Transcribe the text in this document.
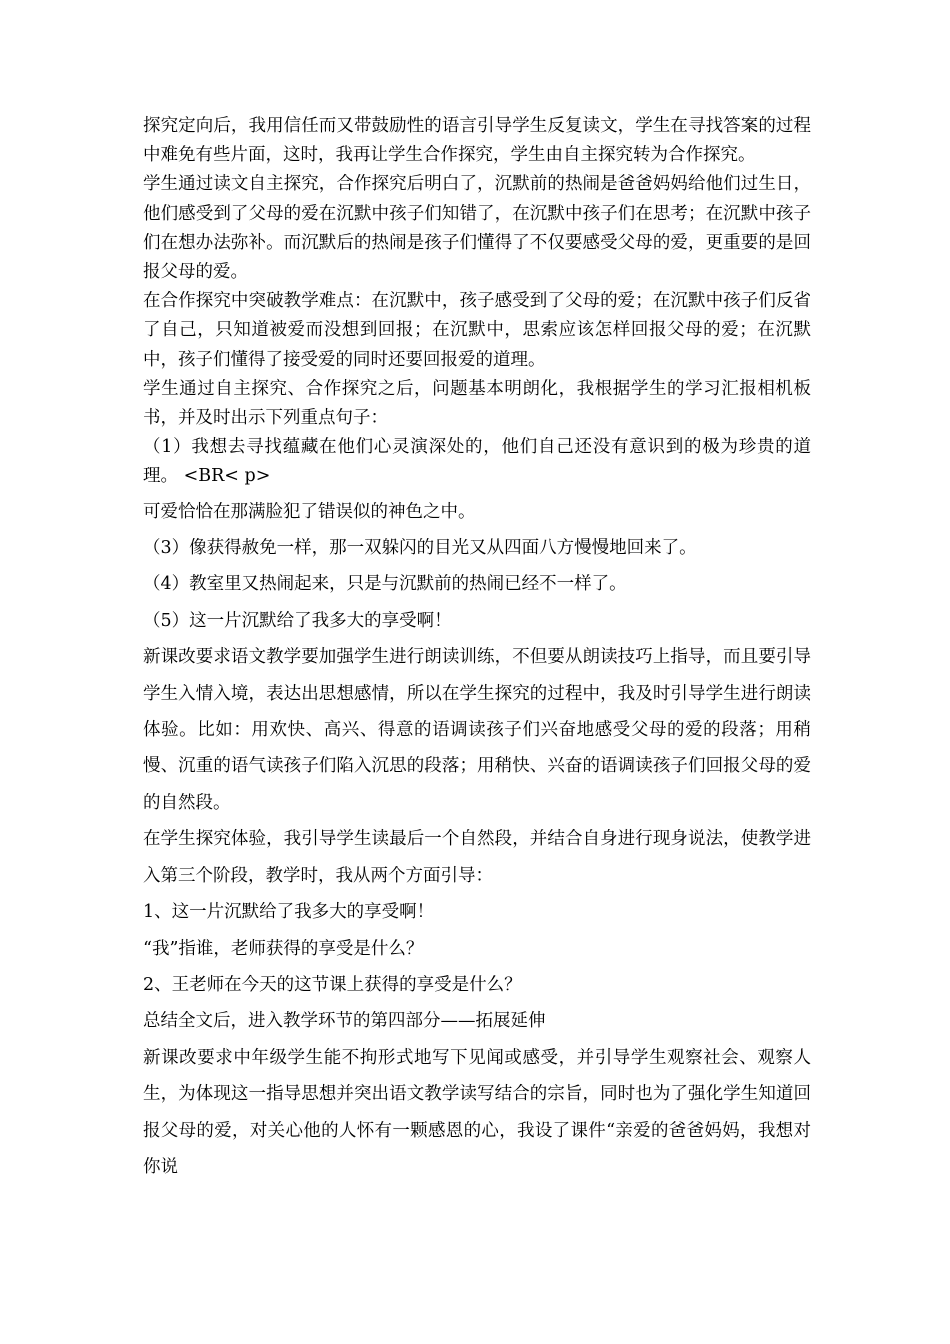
探究定向后，我用信任而又带鼓励性的语言引导学生反复读文，学生在寻找答案的过程中难免有些片面，这时，我再让学生合作探究，学生由自主探究转为合作探究。

学生通过读文自主探究，合作探究后明白了，沉默前的热闹是爸爸妈妈给他们过生日，他们感受到了父母的爱在沉默中孩子们知错了，在沉默中孩子们在思考；在沉默中孩子们在想办法弥补。而沉默后的热闹是孩子们懂得了不仅要感受父母的爱，更重要的是回报父母的爱。

在合作探究中突破教学难点：在沉默中，孩子感受到了父母的爱；在沉默中孩子们反省了自己，只知道被爱而没想到回报；在沉默中，思索应该怎样回报父母的爱；在沉默中，孩子们懂得了接受爱的同时还要回报爱的道理。

学生通过自主探究、合作探究之后，问题基本明朗化，我根据学生的学习汇报相机板书，并及时出示下列重点句子：

（1）我想去寻找蕴藏在他们心灵演深处的，他们自己还没有意识到的极为珍贵的道理。 <BR< p>

可爱恰恰在那满脸犯了错误似的神色之中。

（3）像获得赦免一样，那一双躲闪的目光又从四面八方慢慢地回来了。

（4）教室里又热闹起来，只是与沉默前的热闹已经不一样了。

（5）这一片沉默给了我多大的享受啊！

新课改要求语文教学要加强学生进行朗读训练，不但要从朗读技巧上指导，而且要引导学生入情入境，表达出思想感情，所以在学生探究的过程中，我及时引导学生进行朗读体验。比如：用欢快、高兴、得意的语调读孩子们兴奋地感受父母的爱的段落；用稍慢、沉重的语气读孩子们陷入沉思的段落；用稍快、兴奋的语调读孩子们回报父母的爱的自然段。

在学生探究体验，我引导学生读最后一个自然段，并结合自身进行现身说法，使教学进入第三个阶段，教学时，我从两个方面引导：

1、这一片沉默给了我多大的享受啊！

“我”指谁，老师获得的享受是什么？

2、王老师在今天的这节课上获得的享受是什么？

总结全文后，进入教学环节的第四部分——拓展延伸

新课改要求中年级学生能不拘形式地写下见闻或感受，并引导学生观察社会、观察人生，为体现这一指导思想并突出语文教学读写结合的宗旨，同时也为了强化学生知道回报父母的爱，对关心他的人怀有一颗感恩的心，我设了课件“亲爱的爸爸妈妈，我想对你说
